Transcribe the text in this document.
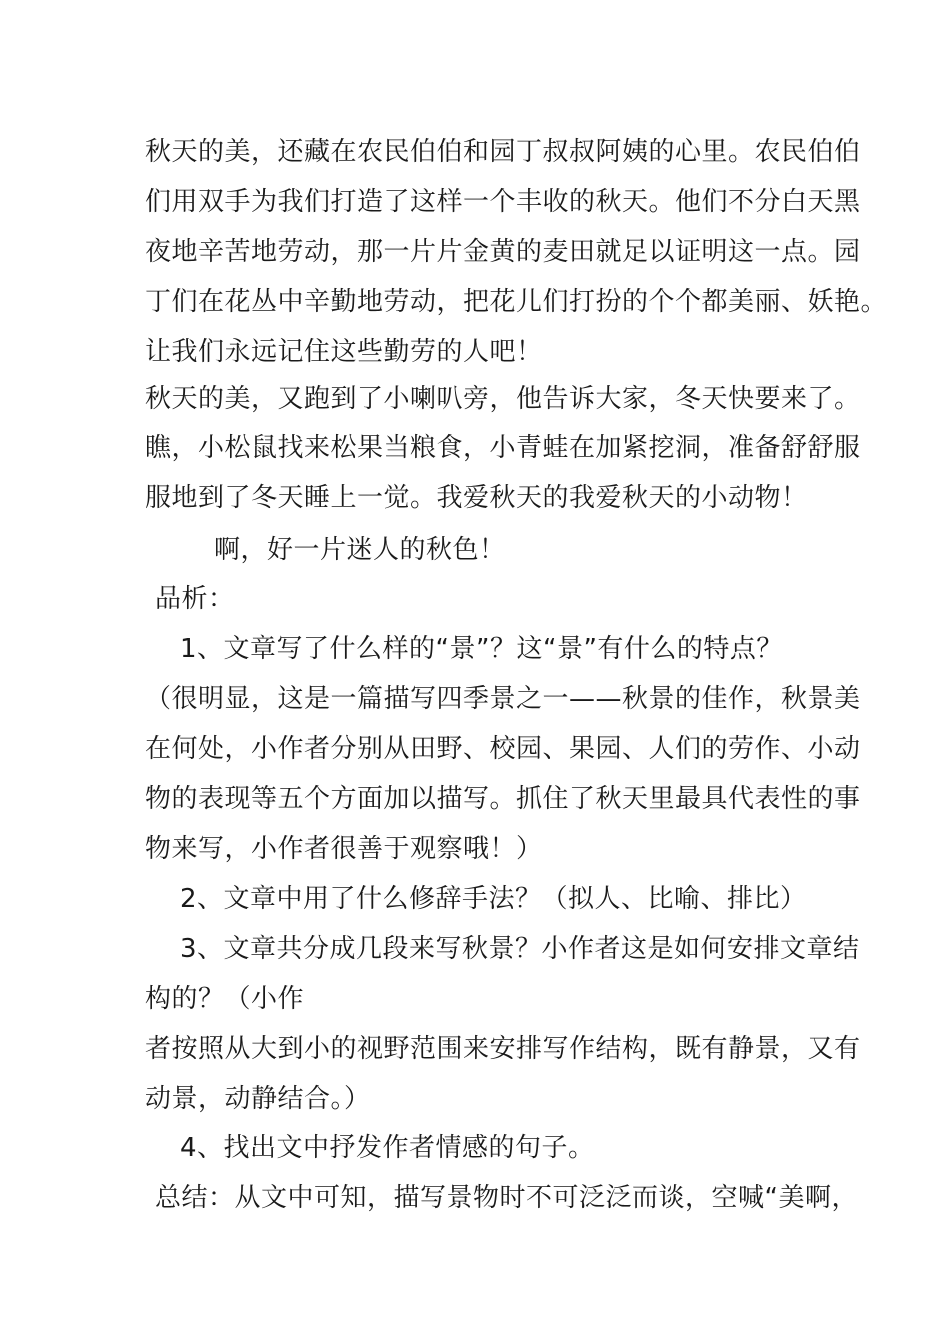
秋天的美，还藏在农民伯伯和园丁叔叔阿姨的心里。农民伯伯
们用双手为我们打造了这样一个丰收的秋天。他们不分白天黑
夜地辛苦地劳动，那一片片金黄的麦田就足以证明这一点。园
丁们在花丛中辛勤地劳动，把花儿们打扮的个个都美丽、妖艳。
让我们永远记住这些勤劳的人吧！
秋天的美，又跑到了小喇叭旁，他告诉大家，冬天快要来了。
瞧，小松鼠找来松果当粮食，小青蛙在加紧挖洞，准备舒舒服
服地到了冬天睡上一觉。我爱秋天的我爱秋天的小动物！
啊，好一片迷人的秋色！
品析：
1、文章写了什么样的“景”？这“景”有什么的特点？
（很明显，这是一篇描写四季景之一——秋景的佳作，秋景美
在何处，小作者分别从田野、校园、果园、人们的劳作、小动
物的表现等五个方面加以描写。抓住了秋天里最具代表性的事
物来写，小作者很善于观察哦！）
2、文章中用了什么修辞手法？（拟人、比喻、排比）
3、文章共分成几段来写秋景？小作者这是如何安排文章结
构的？（小作
者按照从大到小的视野范围来安排写作结构，既有静景，又有
动景，动静结合。）
4、找出文中抒发作者情感的句子。
总结：从文中可知，描写景物时不可泛泛而谈，空喊“美啊，
